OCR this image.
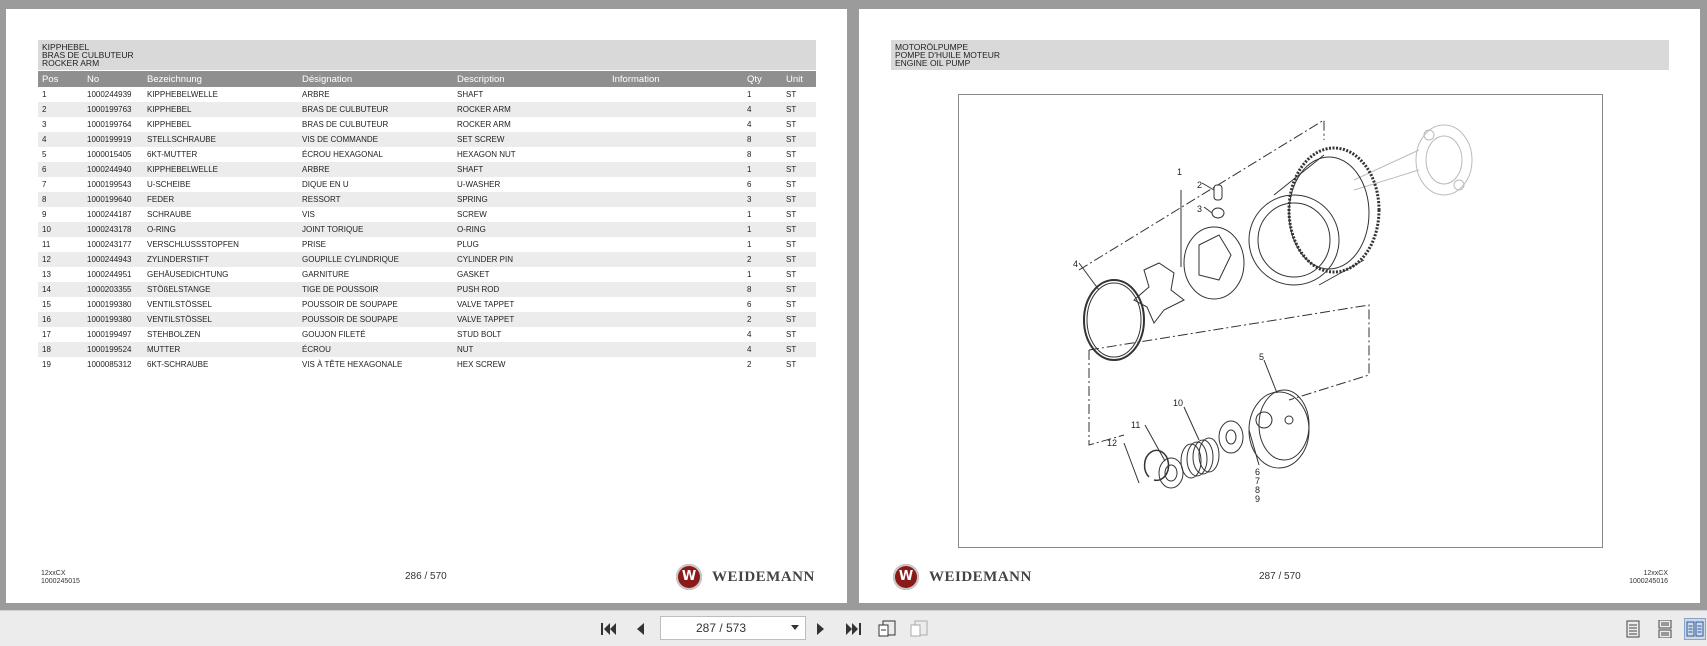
KIPPHEBEL
BRAS DE CULBUTEUR
ROCKER ARM
Pos	No	Bezeichnung	Désignation	Description	Information	Qty	Unit
1	1000244939	KIPPHEBELWELLE	ARBRE	SHAFT		1	ST
2	1000199763	KIPPHEBEL	BRAS DE CULBUTEUR	ROCKER ARM		4	ST
3	1000199764	KIPPHEBEL	BRAS DE CULBUTEUR	ROCKER ARM		4	ST
4	1000199919	STELLSCHRAUBE	VIS DE COMMANDE	SET SCREW		8	ST
5	1000015405	6KT-MUTTER	ÉCROU HEXAGONAL	HEXAGON NUT		8	ST
6	1000244940	KIPPHEBELWELLE	ARBRE	SHAFT		1	ST
7	1000199543	U-SCHEIBE	DIQUE EN U	U-WASHER		6	ST
8	1000199640	FEDER	RESSORT	SPRING		3	ST
9	1000244187	SCHRAUBE	VIS	SCREW		1	ST
10	1000243178	O-RING	JOINT TORIQUE	O-RING		1	ST
11	1000243177	VERSCHLUSSSTOPFEN	PRISE	PLUG		1	ST
12	1000244943	ZYLINDERSTIFT	GOUPILLE CYLINDRIQUE	CYLINDER PIN		2	ST
13	1000244951	GEHÄUSEDICHTUNG	GARNITURE	GASKET		1	ST
14	1000203355	STÖßELSTANGE	TIGE DE POUSSOIR	PUSH ROD		8	ST
15	1000199380	VENTILSTÖSSEL	POUSSOIR DE SOUPAPE	VALVE TAPPET		6	ST
16	1000199380	VENTILSTÖSSEL	POUSSOIR DE SOUPAPE	VALVE TAPPET		2	ST
17	1000199497	STEHBOLZEN	GOUJON FILETÉ	STUD BOLT		4	ST
18	1000199524	MUTTER	ÉCROU	NUT		4	ST
19	1000085312	6KT-SCHRAUBE	VIS À TÊTE HEXAGONALE	HEX SCREW		2	ST
12xxCX
1000245015	286 / 570	W	WEIDEMANN
MOTORÖLPUMPE
POMPE D'HUILE MOTEUR
ENGINE OIL PUMP
1
2
3
4
5
10
11
12
6
7
8
9
W	WEIDEMANN	287 / 570	12xxCX
1000245016
287 / 573
